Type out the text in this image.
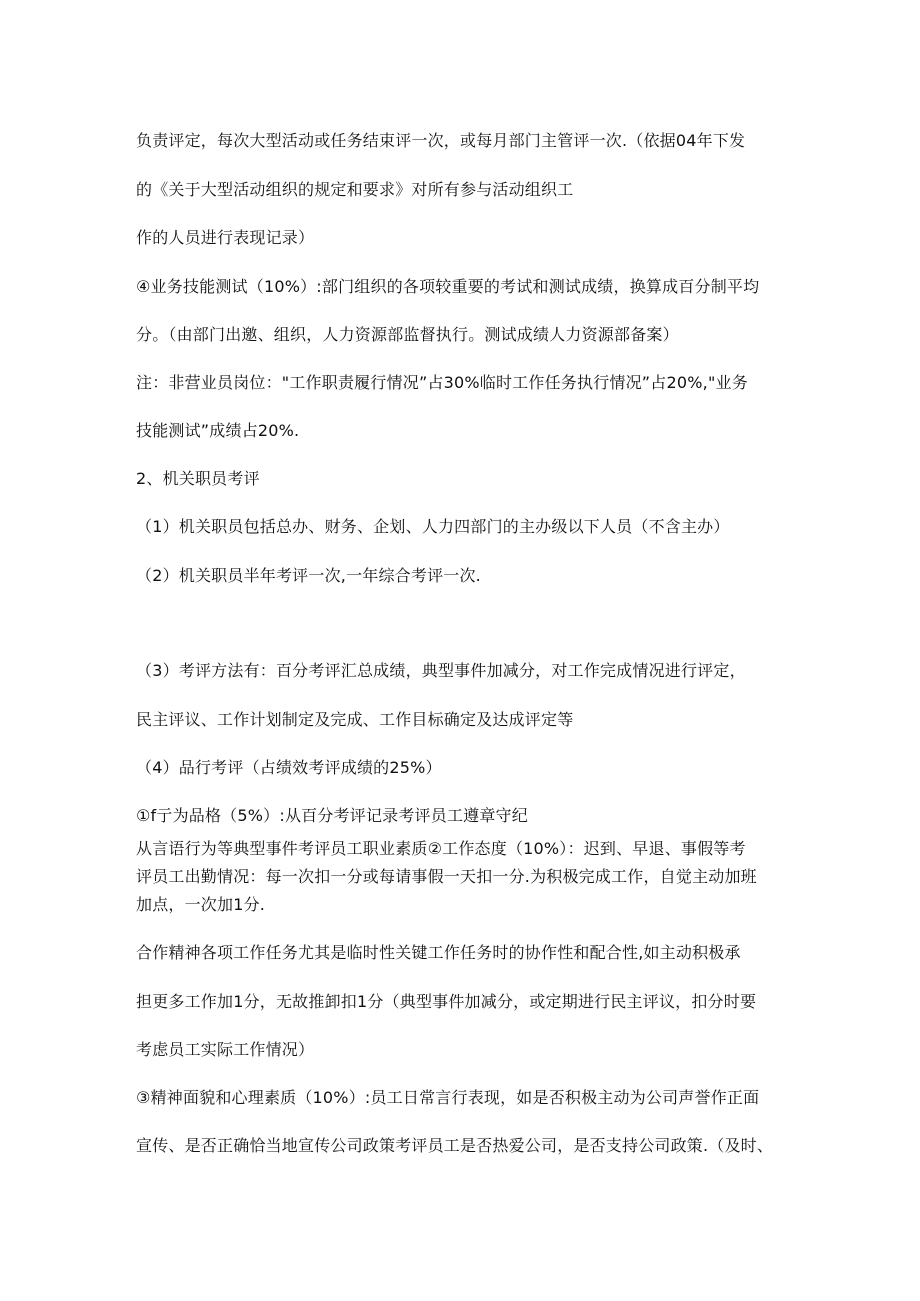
负责评定，每次大型活动或任务结束评一次，或每月部门主管评一次.（依据04年下发
的《关于大型活动组织的规定和要求》对所有参与活动组织工
作的人员进行表现记录）
④业务技能测试（10%）:部门组织的各项较重要的考试和测试成绩，换算成百分制平均
分。（由部门出邀、组织，人力资源部监督执行。测试成绩人力资源部备案）
注：非营业员岗位："工作职责履行情况”占30%临时工作任务执行情况”占20%,"业务
技能测试”成绩占20%.
2、机关职员考评
（1）机关职员包括总办、财务、企划、人力四部门的主办级以下人员（不含主办）
（2）机关职员半年考评一次,一年综合考评一次.
（3）考评方法有：百分考评汇总成绩，典型事件加减分，对工作完成情况进行评定，
民主评议、工作计划制定及完成、工作目标确定及达成评定等
（4）品行考评（占绩效考评成绩的25%）
①f亍为品格（5%）:从百分考评记录考评员工遵章守纪
从言语行为等典型事件考评员工职业素质②工作态度（10%）：迟到、早退、事假等考
评员工出勤情况：每一次扣一分或每请事假一天扣一分.为积极完成工作，自觉主动加班
加点，一次加1分.
合作精神各项工作任务尤其是临时性关键工作任务时的协作性和配合性,如主动积极承
担更多工作加1分，无故推卸扣1分（典型事件加减分，或定期进行民主评议，扣分时要
考虑员工实际工作情况）
③精神面貌和心理素质（10%）:员工日常言行表现，如是否积极主动为公司声誉作正面
宣传、是否正确恰当地宣传公司政策考评员工是否热爱公司，是否支持公司政策.（及时、
